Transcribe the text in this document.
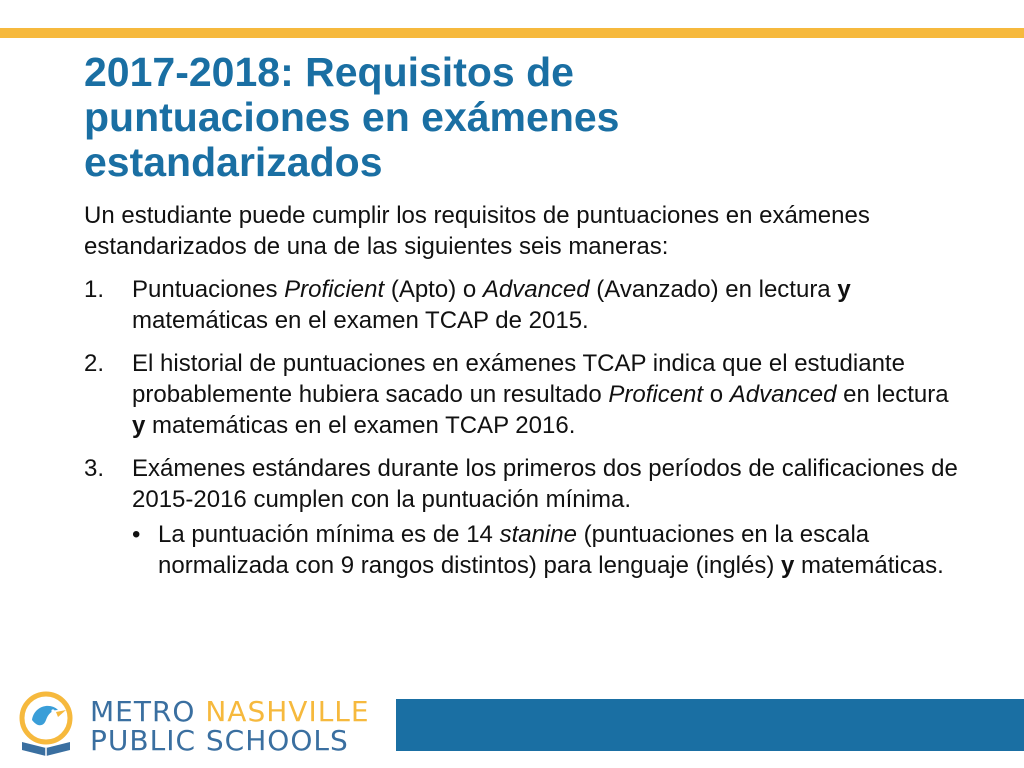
2017-2018: Requisitos de
puntuaciones en exámenes
estandarizados

Un estudiante puede cumplir los requisitos de puntuaciones en exámenes estandarizados de una de las siguientes seis maneras:

1. Puntuaciones Proficient (Apto) o Advanced (Avanzado) en lectura y matemáticas en el examen TCAP de 2015.
2. El historial de puntuaciones en exámenes TCAP indica que el estudiante probablemente hubiera sacado un resultado Proficent o Advanced en lectura y matemáticas en el examen TCAP 2016.
3. Exámenes estándares durante los primeros dos períodos de calificaciones de 2015-2016 cumplen con la puntuación mínima.
• La puntuación mínima es de 14 stanine (puntuaciones en la escala normalizada con 9 rangos distintos) para lenguaje (inglés) y matemáticas.
METRO NASHVILLE
PUBLIC SCHOOLS
